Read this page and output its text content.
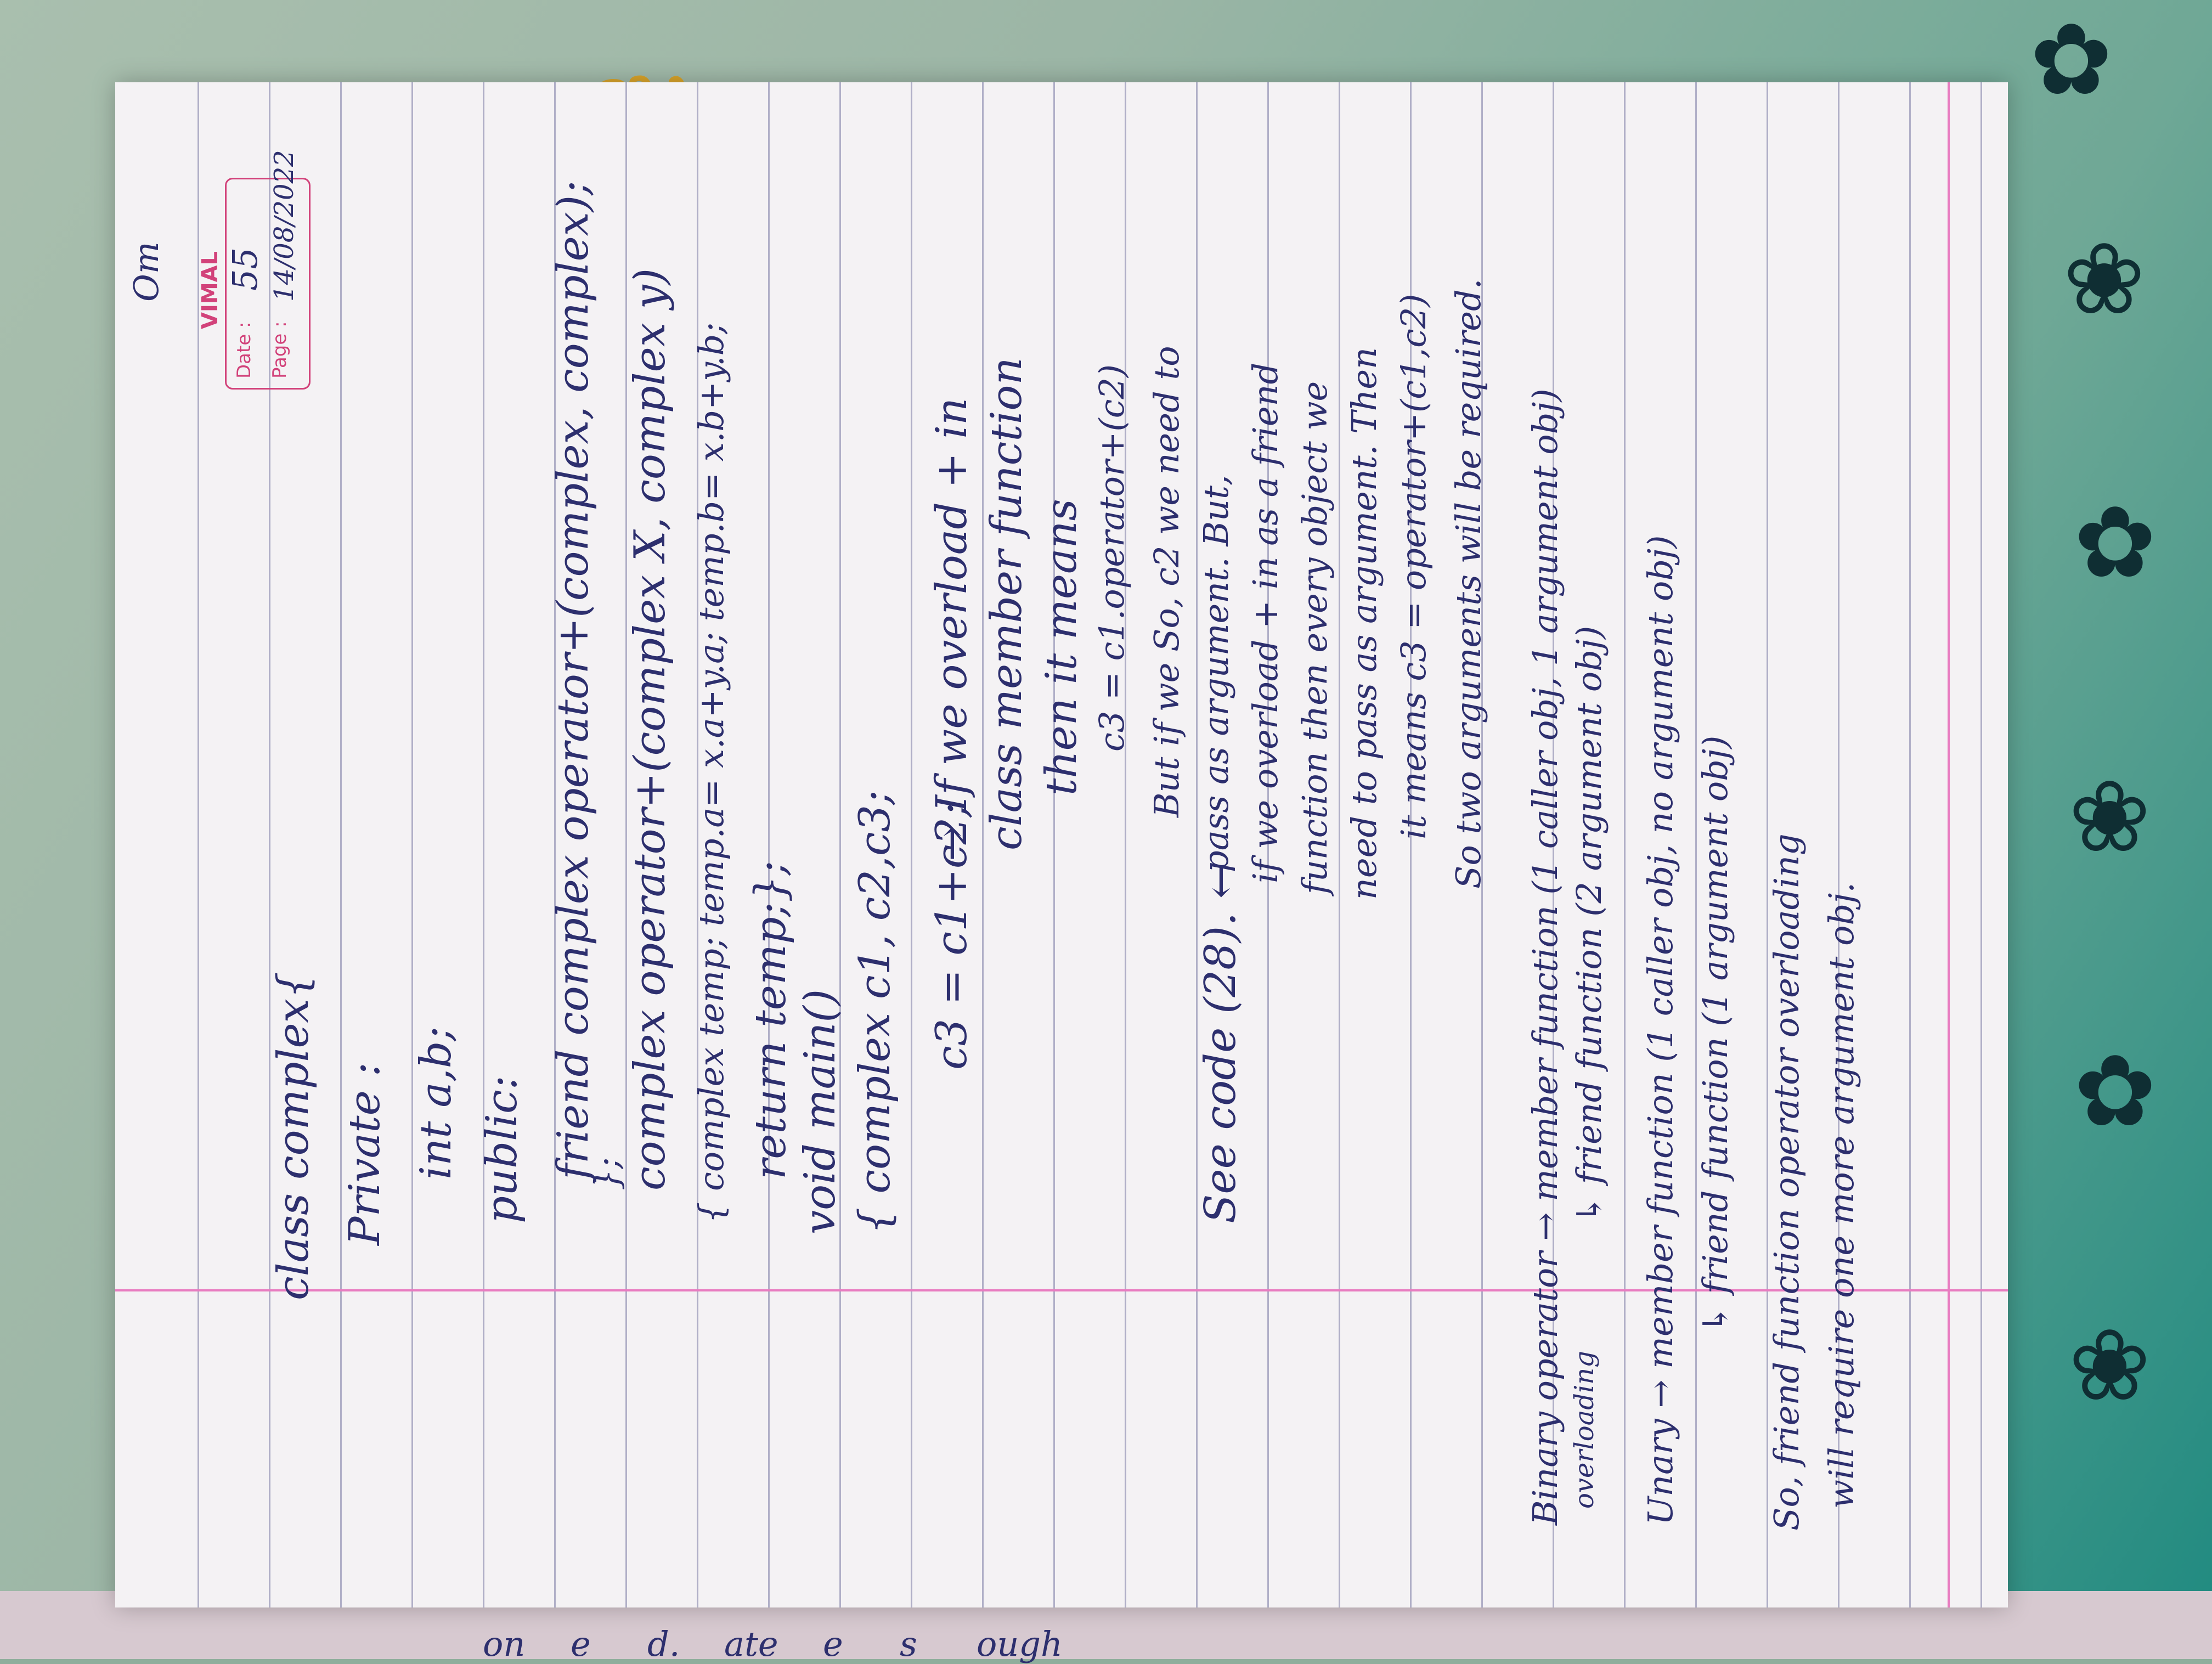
✿
❀
✿
❀
✿
❀
VIMAL
Date : Page :
55 14/08/2022
Om
class complex{ Private : int a,b; public: friend complex operator+(complex, complex);
};
complex operator+(complex X, complex y) { complex temp; temp.a= x.a+y.a; temp.b= x.b+y.b; return temp;}; void main() { complex c1, c2,c3; c3 = c1+c2;
→ If we overload + in class member function then it means c3 = c1.operator+(c2) But if we So, c2 we need to
See code (28). ←
pass as argument. But, if we overload + in as a friend function then every object we need to pass as argument. Then it means c3 = operator+(c1,c2) So two arguments will be required. Binary operator → member function (1 caller obj, 1 argument obj) overloading
↳ friend function (2 argument obj) Unary → member function (1 caller obj, no argument obj) ↳ friend function (1 argument obj) So, friend function operator overloading will require one more argument obj.
on e d. ate e s ough
